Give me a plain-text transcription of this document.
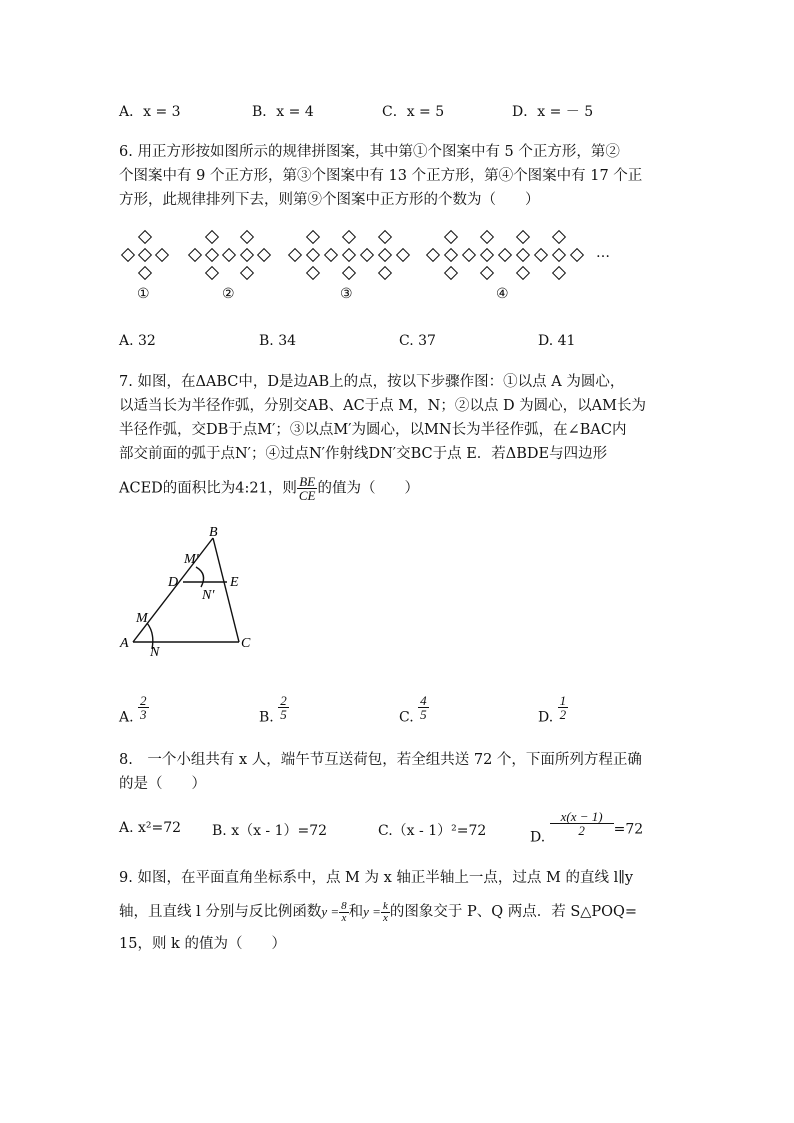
A．x = 3	B．x = 4	C．x = 5	D．x = － 5
6. 用正方形按如图所示的规律拼图案，其中第①个图案中有 5 个正方形，第②
个图案中有 9 个正方形，第③个图案中有 13 个正方形，第④个图案中有 17 个正
方形，此规律排列下去，则第⑨个图案中正方形的个数为（　　）
…
①	②	③	④
A. 32	B. 34	C. 37	D. 41
7. 如图，在ΔABC中，D是边AB上的点，按以下步骤作图：①以点 A 为圆心，
以适当长为半径作弧，分别交AB、AC于点 M，N；②以点 D 为圆心，以AM长为
半径作弧，交DB于点M′；③以点M′为圆心，以MN长为半径作弧，在∠BAC内
部交前面的弧于点N′；④过点N′作射线DN′交BC于点 E．若ΔBDE与四边形
ACED的面积比为4:21，则 $\frac{BE}{CE}$ 的值为（　　）
B
M′
D	E
N′
M
A
N
C
A. $\frac{2}{3}$	B. $\frac{2}{5}$	C. $\frac{4}{5}$	D. $\frac{1}{2}$
8.　一个小组共有 x 人，端午节互送荷包，若全组共送 72 个，下面所列方程正确
的是（　　）
A. x²=72 B. x（x - 1）=72	C.（x - 1）²=72	D.
$\frac{x(x - 1)}{2} =72$
9. 如图，在平面直角坐标系中，点 M 为 x 轴正半轴上一点，过点 M 的直线 l∥y
轴，且直线 l 分别与反比例函数$y = \frac{8}{x}$ 和$y = \frac{k}{x}$ 的图象交于 P、Q 两点．若 S△POQ=
15，则 k 的值为（　　）
